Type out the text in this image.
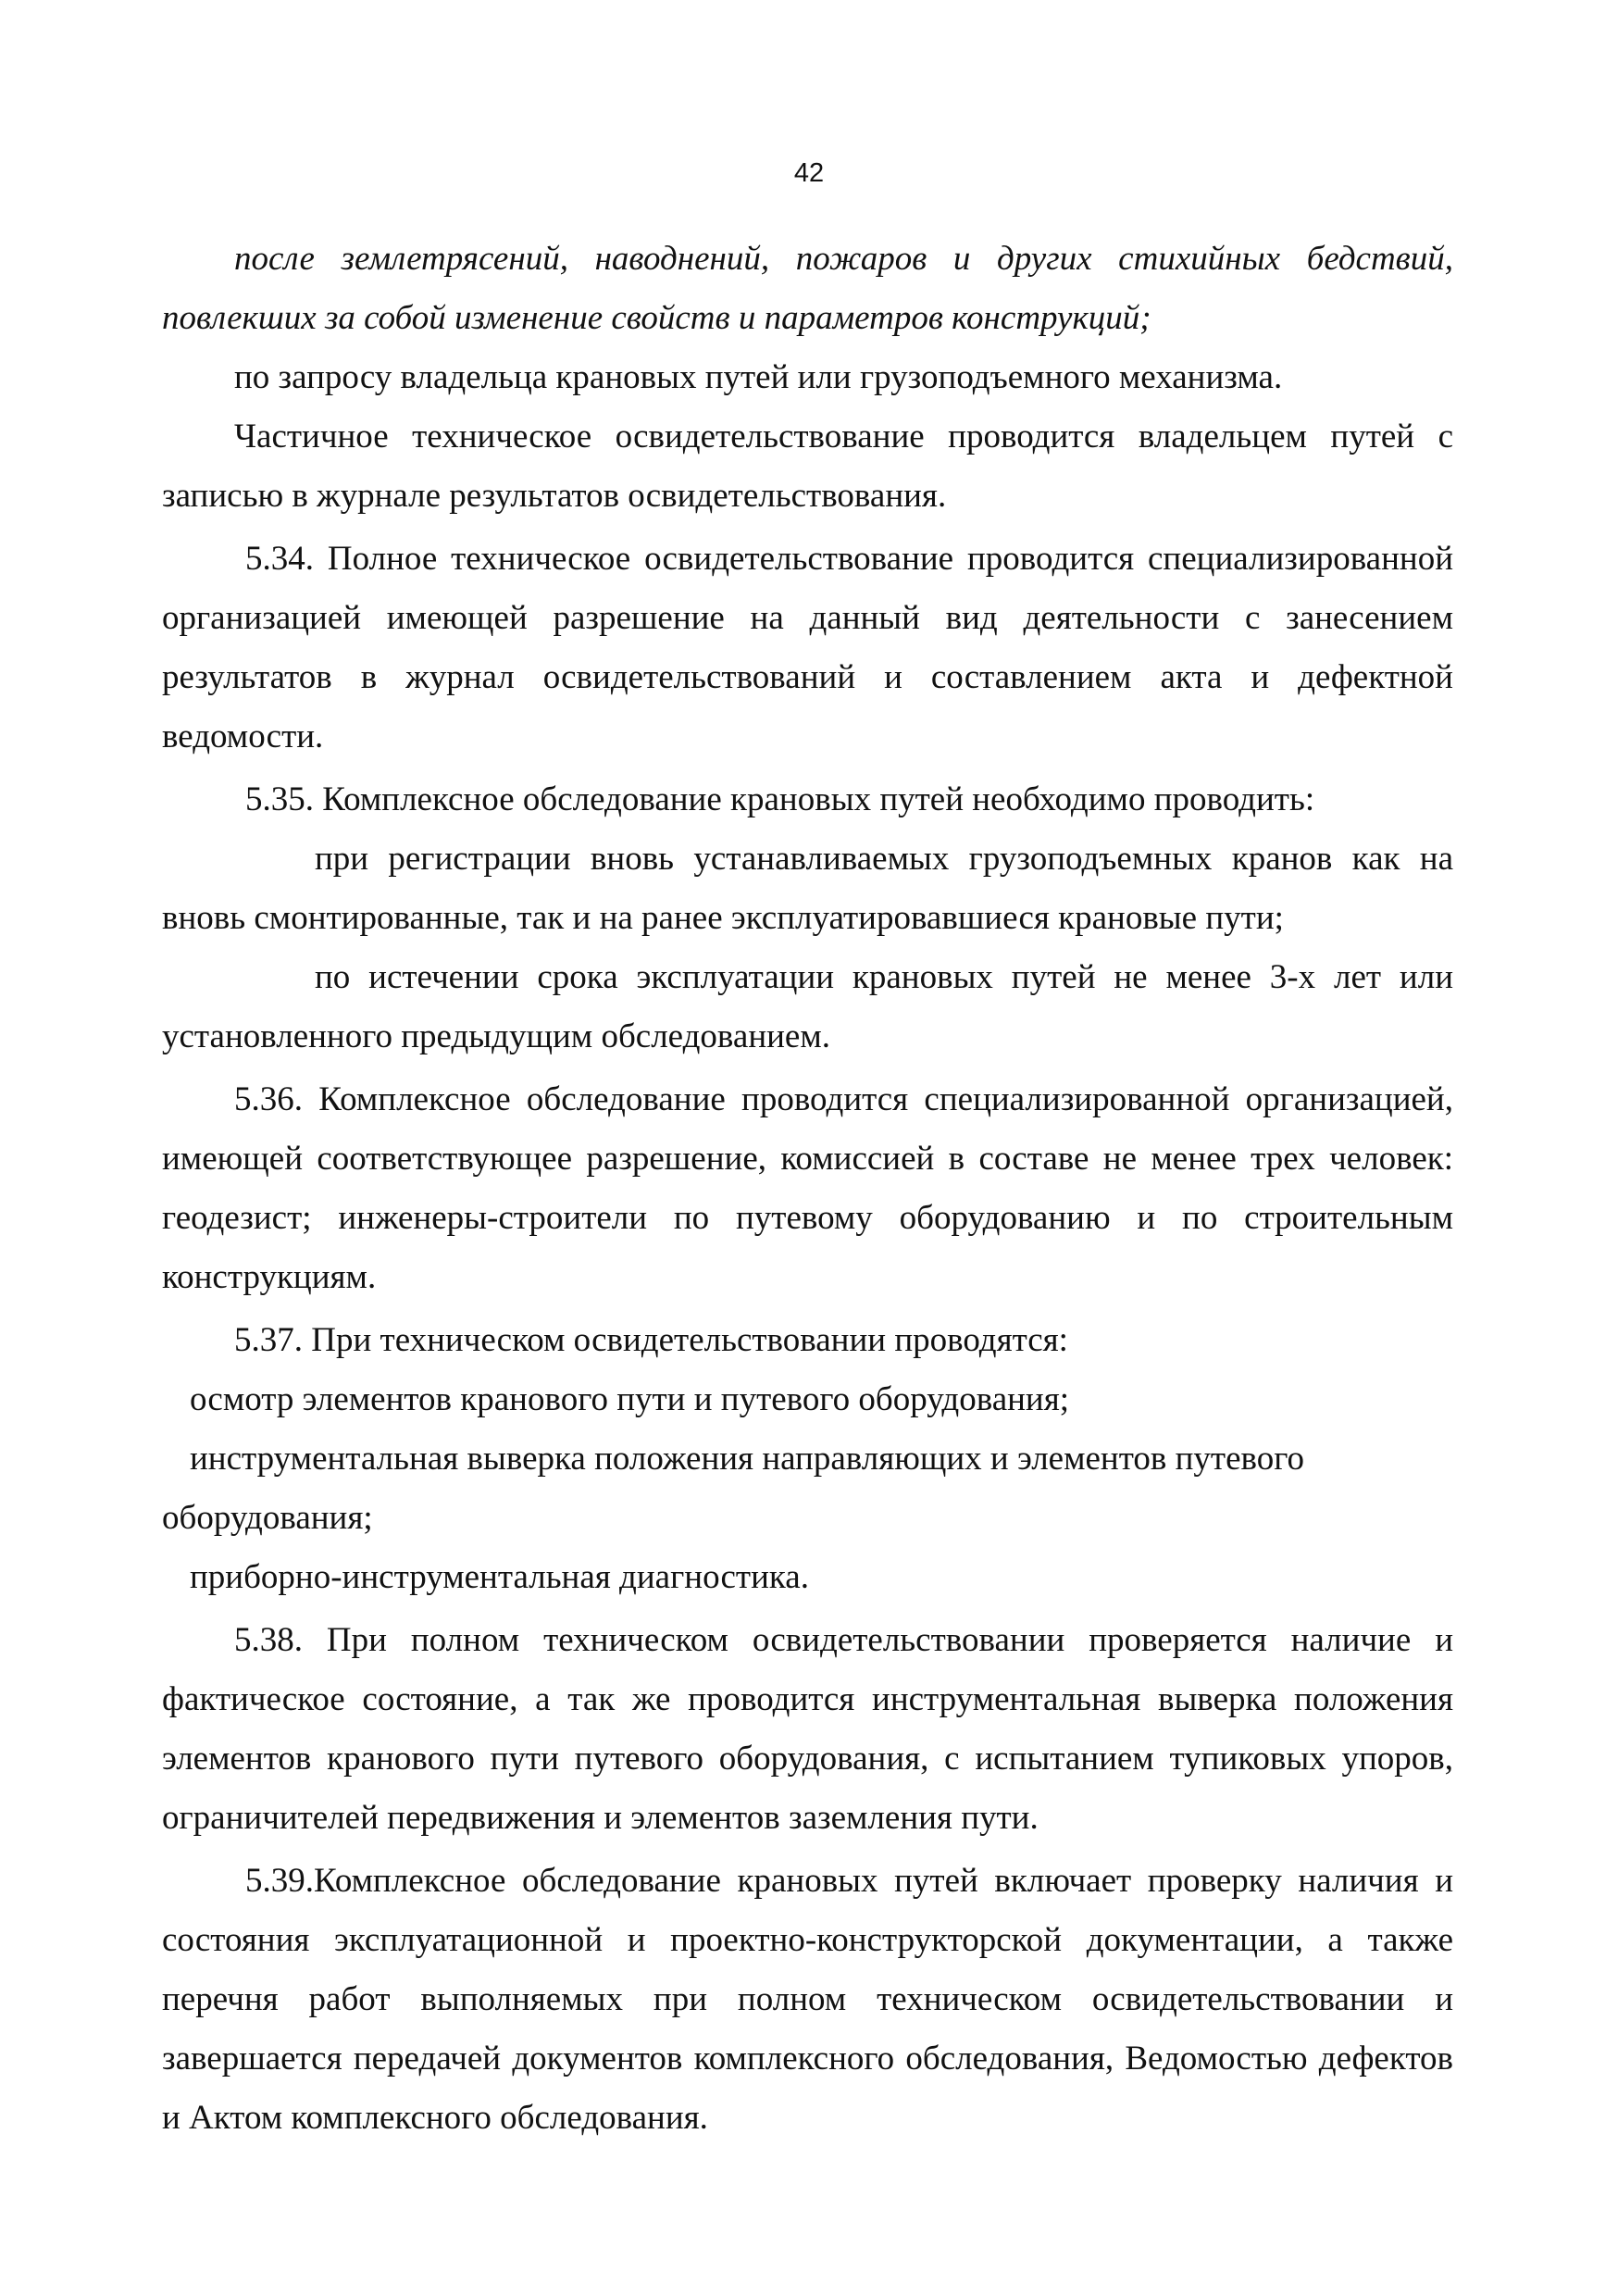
42

после землетрясений, наводнений, пожаров и других стихийных бедствий, повлекших за собой изменение свойств и параметров конструкций;

по запросу владельца крановых путей или грузоподъемного механизма.

Частичное техническое освидетельствование проводится владельцем путей с записью в журнале результатов освидетельствования.

5.34. Полное техническое освидетельствование проводится специализированной организацией имеющей разрешение на данный вид деятельности с занесением результатов в журнал освидетельствований и составлением акта и дефектной ведомости.

5.35. Комплексное обследование крановых путей необходимо проводить:

при регистрации вновь устанавливаемых грузоподъемных кранов как на вновь смонтированные, так и на ранее эксплуатировавшиеся крановые пути;

по истечении срока эксплуатации крановых путей не менее 3-х лет или установленного предыдущим обследованием.

5.36. Комплексное обследование проводится специализированной организацией, имеющей соответствующее разрешение, комиссией в составе не менее трех человек: геодезист; инженеры-строители по путевому оборудованию и по строительным конструкциям.

5.37. При техническом освидетельствовании проводятся:

осмотр элементов кранового пути и путевого оборудования;

инструментальная выверка положения направляющих и элементов путевого оборудования;

приборно-инструментальная диагностика.

5.38. При полном техническом освидетельствовании проверяется наличие и фактическое состояние, а так же проводится инструментальная выверка положения элементов кранового пути путевого оборудования, с испытанием тупиковых упоров, ограничителей передвижения и элементов заземления пути.

5.39.Комплексное обследование крановых путей включает проверку наличия и состояния эксплуатационной и проектно-конструкторской документации, а также перечня работ выполняемых при полном техническом освидетельствовании и завершается передачей документов комплексного обследования, Ведомостью дефектов и Актом комплексного обследования.
